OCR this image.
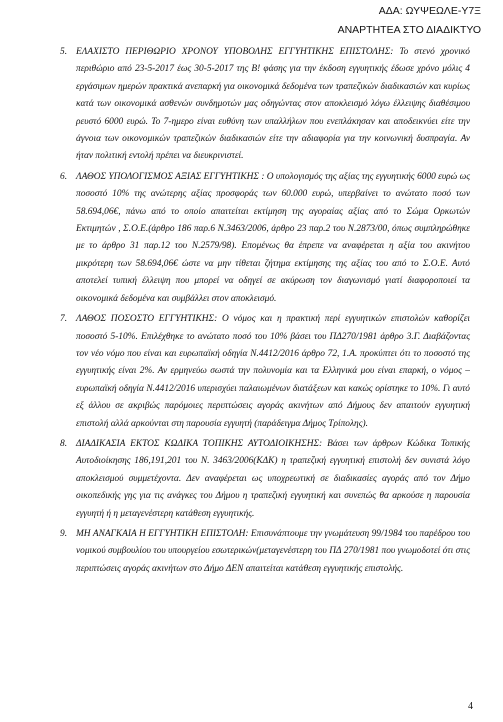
ΑΔΑ: ΩΥΨΕΩΛΕ-Υ7Ξ
ΑΝΑΡΤΗΤΕΑ ΣΤΟ ΔΙΑΔΙΚΤΥΟ
5. ΕΛΑΧΙΣΤΟ ΠΕΡΙΘΩΡΙΟ ΧΡΟΝΟΥ ΥΠΟΒΟΛΗΣ ΕΓΓΥΗΤΙΚΗΣ ΕΠΙΣΤΟΛΗΣ: Το στενό χρονικό περιθώριο από 23-5-2017 έως 30-5-2017 της Β! φάσης για την έκδοση εγγυητικής έδωσε χρόνο μόλις 4 εργάσιμων ημερών πρακτικά ανεπαρκή για οικονομικά δεδομένα των τραπεζικών διαδικασιών και κυρίως κατά των οικονομικά ασθενών συνδημοτών μας οδηγώντας στον αποκλεισμό λόγω έλλειψης διαθέσιμου ρευστό 6000 ευρώ. Το 7-ημερο είναι ευθύνη των υπαλλήλων που ενεπλάκησαν και αποδεικνύει είτε την άγνοια των οικονομικών τραπεζικών διαδικασιών είτε την αδιαφορία για την κοινωνική δυσπραγία. Αν ήταν πολιτική εντολή πρέπει να διευκρινιστεί.
6. ΛΑΘΟΣ ΥΠΟΛΟΓΙΣΜΟΣ ΑΞΙΑΣ ΕΓΓΥΗΤΙΚΗΣ : Ο υπολογισμός της αξίας της εγγυητικής 6000 ευρώ ως ποσοστό 10% της ανώτερης αξίας προσφοράς των 60.000 ευρώ, υπερβαίνει το ανώτατο ποσό των 58.694,06€, πάνω από το οποίο απαιτείται εκτίμηση της αγοραίας αξίας από το Σώμα Ορκωτών Εκτιμητών , Σ.Ο.Ε.(άρθρο 186 παρ.6 Ν.3463/2006, άρθρο 23 παρ.2 του Ν.2873/00, όπως συμπληρώθηκε με το άρθρο 31 παρ.12 του Ν.2579/98). Επομένως θα έπρεπε να αναφέρεται η αξία του ακινήτου μικρότερη των 58.694,06€ ώστε να μην τίθεται ζήτημα εκτίμησης της αξίας του από το Σ.Ο.Ε. Αυτό αποτελεί τυπική έλλειψη που μπορεί να οδηγεί σε ακύρωση τον διαγωνισμό γιατί διαφοροποιεί τα οικονομικά δεδομένα και συμβάλλει στον αποκλεισμό.
7. ΛΑΘΟΣ ΠΟΣΟΣΤΟ ΕΓΓΥΗΤΙΚΗΣ: Ο νόμος και η πρακτική περί εγγυητικών επιστολών καθορίζει ποσοστό 5-10%. Επιλέχθηκε το ανώτατο ποσό του 10% βάσει του ΠΔ270/1981 άρθρο 3.Γ. Διαβάζοντας τον νέο νόμο που είναι και ευρωπαϊκή οδηγία Ν.4412/2016 άρθρο 72, 1.Α. προκύπτει ότι το ποσοστό της εγγυητικής είναι 2%. Αν ερμηνεύω σωστά την πολυνομία και τα Ελληνικά μου είναι επαρκή, ο νόμος –ευρωπαϊκή οδηγία Ν.4412/2016 υπερισχύει παλαιωμένων διατάξεων και κακώς ορίστηκε το 10%. Γι αυτό εξ άλλου σε ακριβώς παρόμοιες περιπτώσεις αγοράς ακινήτων από Δήμους δεν απαιτούν εγγυητική επιστολή αλλά αρκούνται στη παρουσία εγγυητή (παράδειγμα Δήμος Τρίπολης).
8. ΔΙΑΔΙΚΑΣΙΑ ΕΚΤΟΣ ΚΩΔΙΚΑ ΤΟΠΙΚΗΣ ΑΥΤΟΔΙΟΙΚΗΣΗΣ: Βάσει των άρθρων Κώδικα Τοπικής Αυτοδιοίκησης 186,191,201 του Ν. 3463/2006(ΚΔΚ) η τραπεζική εγγυητική επιστολή δεν συνιστά λόγο αποκλεισμού συμμετέχοντα. Δεν αναφέρεται ως υποχρεωτική σε διαδικασίες αγοράς από τον Δήμο οικοπεδικής γης για τις ανάγκες του Δήμου η τραπεζική εγγυητική και συνεπώς θα αρκούσε η παρουσία εγγυητή ή η μεταγενέστερη κατάθεση εγγυητικής.
9. ΜΗ ΑΝΑΓΚΑΙΑ Η ΕΓΓΥΗΤΙΚΗ ΕΠΙΣΤΟΛΗ: Επισυνάπτουμε την γνωμάτευση 99/1984 του παρέδρου του νομικού συμβουλίου του υπουργείου εσωτερικών(μεταγενέστερη του ΠΔ 270/1981 που γνωμοδοτεί ότι στις περιπτώσεις αγοράς ακινήτων στο Δήμο ΔΕΝ απαιτείται κατάθεση εγγυητικής επιστολής.
4
